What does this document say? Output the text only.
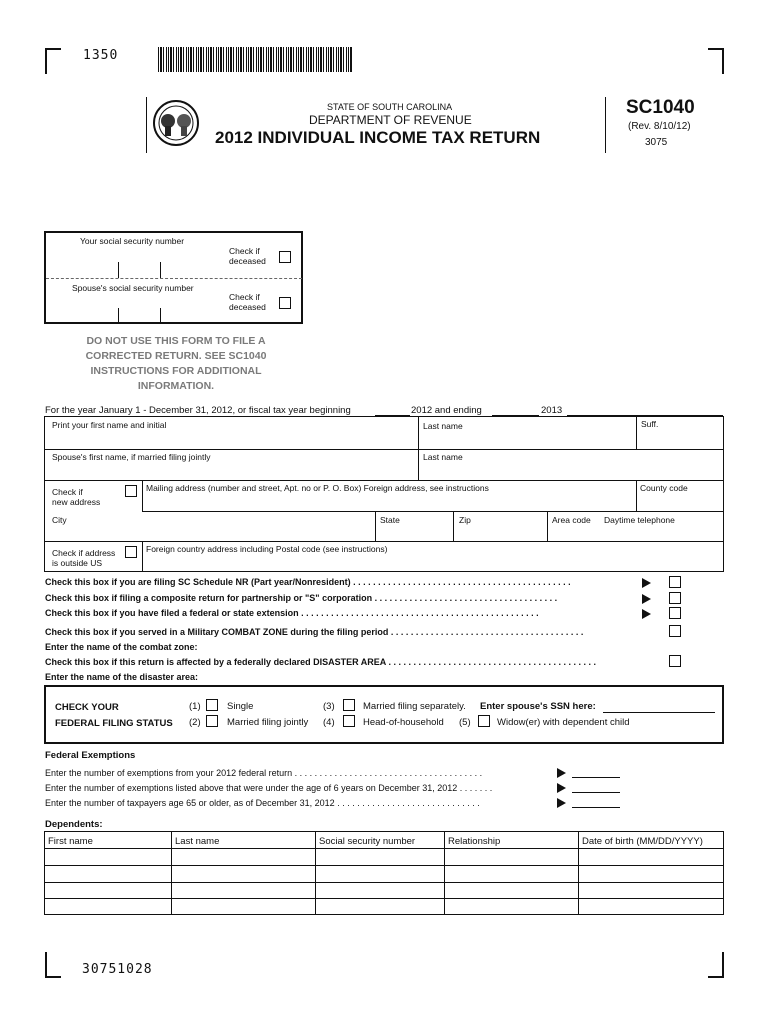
1350
STATE OF SOUTH CAROLINA
DEPARTMENT OF REVENUE
2012 INDIVIDUAL INCOME TAX RETURN
SC1040
(Rev. 8/10/12)
3075
Your social security number
Check if
deceased
Spouse's social security number
Check if
deceased
DO NOT USE THIS FORM TO FILE A
CORRECTED RETURN. SEE SC1040
INSTRUCTIONS FOR ADDITIONAL
INFORMATION.
For the year January 1 - December 31, 2012, or fiscal tax year beginning	2012 and ending	2013
Print your first name and initial	Last name	Suff.
Spouse's first name, if married filing jointly	Last name
Check if
new address
Mailing address (number and street, Apt. no or P. O. Box) Foreign address, see instructions	County code
City	State	Zip	Area code Daytime telephone
Check if address
is outside US
Foreign country address including Postal code (see instructions)
Check this box if you are filing SC Schedule NR (Part year/Nonresident) . . . . . . . . . . . . . . . . . . . . . . . . . . . . . . . . . . . . . . . . . . . .
Check this box if filing a composite return for partnership or "S" corporation . . . . . . . . . . . . . . . . . . . . . . . . . . . . . . . . . . . . .
Check this box if you have filed a federal or state extension . . . . . . . . . . . . . . . . . . . . . . . . . . . . . . . . . . . . . . . . . . . . . . . .
Check this box if you served in a Military COMBAT ZONE during the filing period . . . . . . . . . . . . . . . . . . . . . . . . . . . . . . . . . . . . . . .
Enter the name of the combat zone:
Check this box if this return is affected by a federally declared DISASTER AREA . . . . . . . . . . . . . . . . . . . . . . . . . . . . . . . . . . . . . . . . . .
Enter the name of the disaster area:
CHECK YOUR
FEDERAL FILING STATUS
(1)	Single
(2)	Married filing jointly
(3)	Married filing separately. Enter spouse's SSN here:
(4)	Head-of-household (5)	Widow(er) with dependent child
Federal Exemptions
Enter the number of exemptions from your 2012 federal return . . . . . . . . . . . . . . . . . . . . . . . . . . . . . . . . . . . . . .
Enter the number of exemptions listed above that were under the age of 6 years on December 31, 2012 . . . . . . .
Enter the number of taxpayers age 65 or older, as of December 31, 2012 . . . . . . . . . . . . . . . . . . . . . . . . . . . . .
Dependents:
First name	Last name	Social security number	Relationship	Date of birth (MM/DD/YYYY)
30751028
